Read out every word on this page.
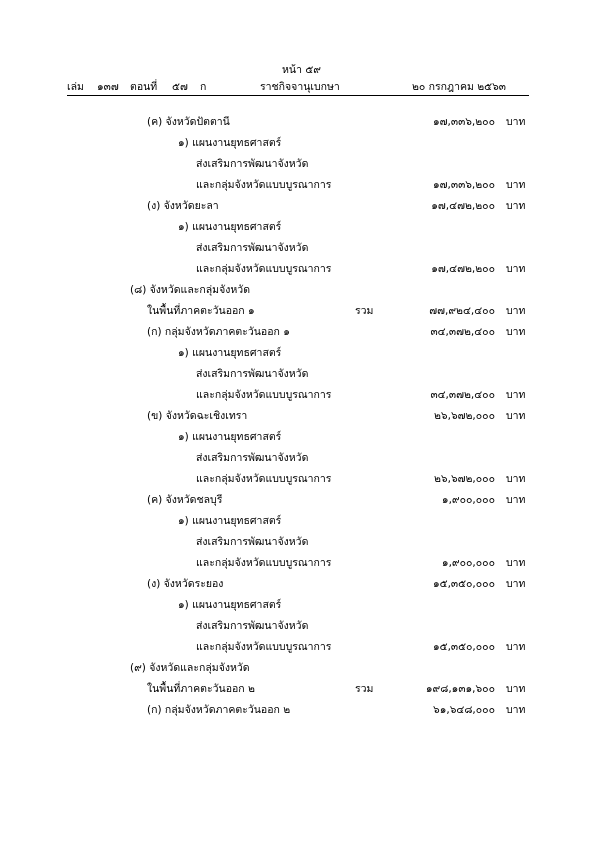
หน้า ๕๙
เล่ม ๑๓๗ ตอนที่ ๕๗ ก	ราชกิจจานุเบกษา	๒๐ กรกฎาคม ๒๕๖๓
(ค) จังหวัดปัตตานี	๑๗,๓๓๖,๒๐๐ บาท
๑) แผนงานยุทธศาสตร์
ส่งเสริมการพัฒนาจังหวัด
และกลุ่มจังหวัดแบบบูรณาการ	๑๗,๓๓๖,๒๐๐ บาท
(ง) จังหวัดยะลา	๑๗,๔๗๒,๒๐๐ บาท
๑) แผนงานยุทธศาสตร์
ส่งเสริมการพัฒนาจังหวัด
และกลุ่มจังหวัดแบบบูรณาการ	๑๗,๔๗๒,๒๐๐ บาท
(๘) จังหวัดและกลุ่มจังหวัด
ในพื้นที่ภาคตะวันออก ๑	รวม	๗๗,๙๒๔,๔๐๐ บาท
(ก) กลุ่มจังหวัดภาคตะวันออก ๑	๓๔,๓๗๒,๔๐๐ บาท
๑) แผนงานยุทธศาสตร์
ส่งเสริมการพัฒนาจังหวัด
และกลุ่มจังหวัดแบบบูรณาการ	๓๔,๓๗๒,๔๐๐ บาท
(ข) จังหวัดฉะเชิงเทรา	๒๖,๖๗๒,๐๐๐ บาท
๑) แผนงานยุทธศาสตร์
ส่งเสริมการพัฒนาจังหวัด
และกลุ่มจังหวัดแบบบูรณาการ	๒๖,๖๗๒,๐๐๐ บาท
(ค) จังหวัดชลบุรี	๑,๙๐๐,๐๐๐ บาท
๑) แผนงานยุทธศาสตร์
ส่งเสริมการพัฒนาจังหวัด
และกลุ่มจังหวัดแบบบูรณาการ	๑,๙๐๐,๐๐๐ บาท
(ง) จังหวัดระยอง	๑๕,๓๕๐,๐๐๐ บาท
๑) แผนงานยุทธศาสตร์
ส่งเสริมการพัฒนาจังหวัด
และกลุ่มจังหวัดแบบบูรณาการ	๑๕,๓๕๐,๐๐๐ บาท
(๙) จังหวัดและกลุ่มจังหวัด
ในพื้นที่ภาคตะวันออก ๒	รวม	๑๙๘,๑๓๑,๖๐๐ บาท
(ก) กลุ่มจังหวัดภาคตะวันออก ๒	๖๑,๖๔๘,๐๐๐ บาท
